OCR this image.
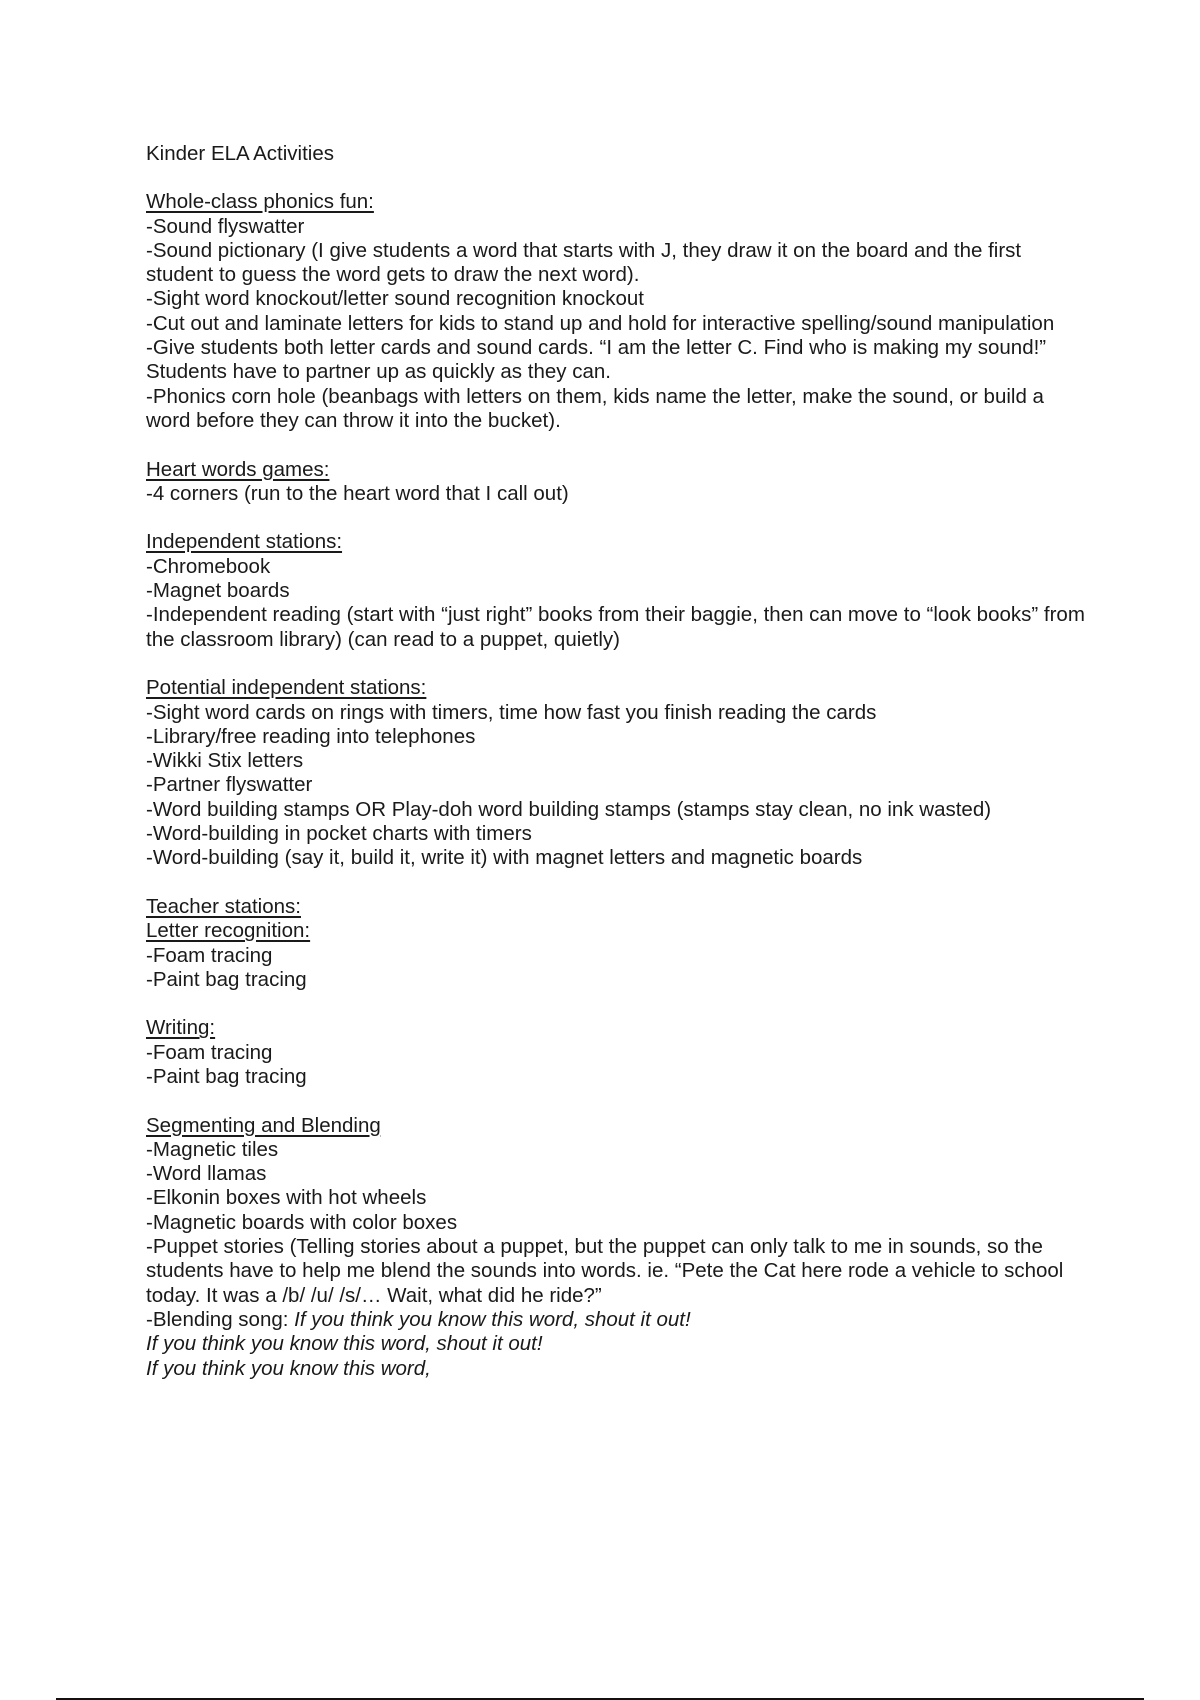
Kinder ELA Activities
Whole-class phonics fun:
-Sound flyswatter
-Sound pictionary (I give students a word that starts with J, they draw it on the board and the first student to guess the word gets to draw the next word).
-Sight word knockout/letter sound recognition knockout
-Cut out and laminate letters for kids to stand up and hold for interactive spelling/sound manipulation
-Give students both letter cards and sound cards. “I am the letter C. Find who is making my sound!” Students have to partner up as quickly as they can.
-Phonics corn hole (beanbags with letters on them, kids name the letter, make the sound, or build a word before they can throw it into the bucket).
Heart words games:
-4 corners (run to the heart word that I call out)
Independent stations:
-Chromebook
-Magnet boards
-Independent reading (start with “just right” books from their baggie, then can move to “look books” from the classroom library) (can read to a puppet, quietly)
Potential independent stations:
-Sight word cards on rings with timers, time how fast you finish reading the cards
-Library/free reading into telephones
-Wikki Stix letters
-Partner flyswatter
-Word building stamps OR Play-doh word building stamps (stamps stay clean, no ink wasted)
-Word-building in pocket charts with timers
-Word-building (say it, build it, write it) with magnet letters and magnetic boards
Teacher stations:
Letter recognition:
-Foam tracing
-Paint bag tracing
Writing:
-Foam tracing
-Paint bag tracing
Segmenting and Blending
-Magnetic tiles
-Word llamas
-Elkonin boxes with hot wheels
-Magnetic boards with color boxes
-Puppet stories (Telling stories about a puppet, but the puppet can only talk to me in sounds, so the students have to help me blend the sounds into words. ie. “Pete the Cat here rode a vehicle to school today. It was a /b/ /u/ /s/… Wait, what did he ride?”
-Blending song: If you think you know this word, shout it out!
If you think you know this word, shout it out!
If you think you know this word,
